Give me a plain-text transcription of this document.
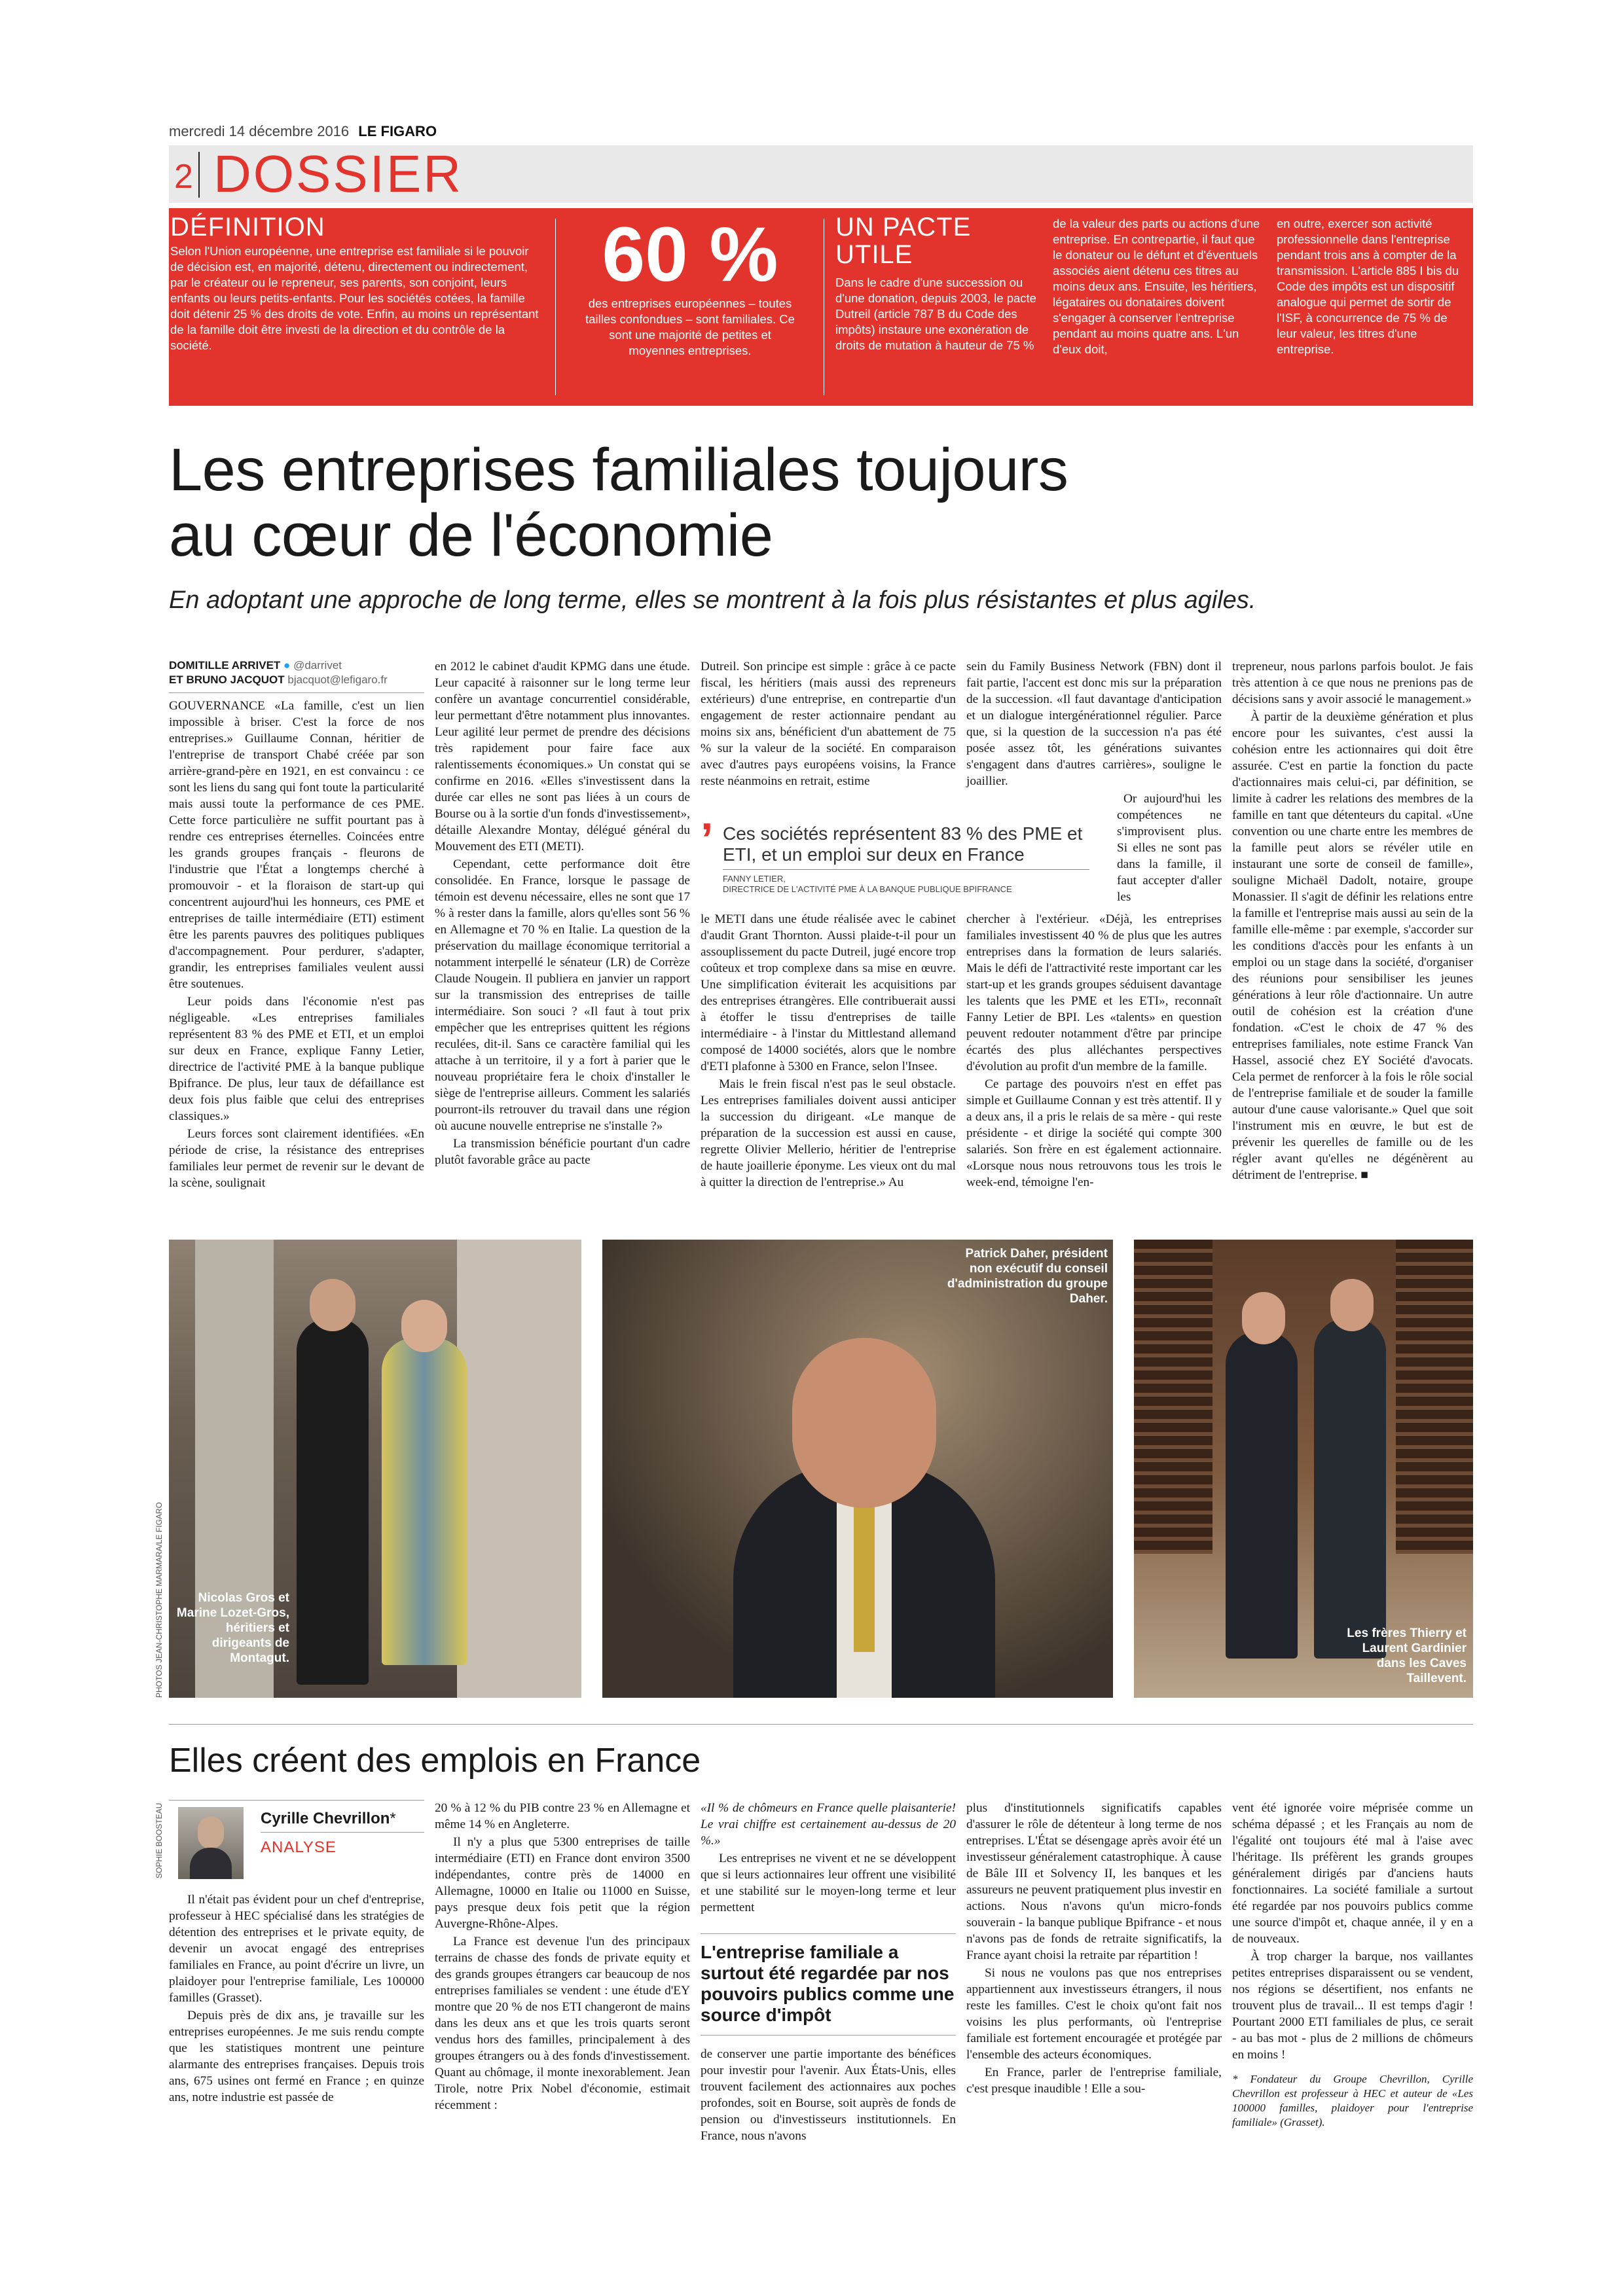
mercredi 14 décembre 2016 LE FIGARO
2 DOSSIER
DÉFINITION
Selon l'Union européenne, une entreprise est familiale si le pouvoir de décision est, en majorité, détenu, directement ou indirectement, par le créateur ou le repreneur, ses parents, son conjoint, leurs enfants ou leurs petits-enfants. Pour les sociétés cotées, la famille doit détenir 25 % des droits de vote. Enfin, au moins un représentant de la famille doit être investi de la direction et du contrôle de la société.
60 %
des entreprises européennes – toutes tailles confondues – sont familiales. Ce sont une majorité de petites et moyennes entreprises.
UN PACTE UTILE
Dans le cadre d'une succession ou d'une donation, depuis 2003, le pacte Dutreil (article 787 B du Code des impôts) instaure une exonération de droits de mutation à hauteur de 75 %
de la valeur des parts ou actions d'une entreprise. En contrepartie, il faut que le donateur ou le défunt et d'éventuels associés aient détenu ces titres au moins deux ans. Ensuite, les héritiers, légataires ou donataires doivent s'engager à conserver l'entreprise pendant au moins quatre ans. L'un d'eux doit,
en outre, exercer son activité professionnelle dans l'entreprise pendant trois ans à compter de la transmission. L'article 885 I bis du Code des impôts est un dispositif analogue qui permet de sortir de l'ISF, à concurrence de 75 % de leur valeur, les titres d'une entreprise.
Les entreprises familiales toujours
au cœur de l'économie
En adoptant une approche de long terme, elles se montrent à la fois plus résistantes et plus agiles.
DOMITILLE ARRIVET ● @darrivet
ET BRUNO JACQUOT bjacquot@lefigaro.fr

GOUVERNANCE «La famille, c'est un lien impossible à briser. C'est la force de nos entreprises.» Guillaume Connan, héritier de l'entreprise de transport Chabé créée par son arrière-grand-père en 1921, en est convaincu : ce sont les liens du sang qui font toute la particularité mais aussi toute la performance de ces PME. Cette force particulière ne suffit pourtant pas à rendre ces entreprises éternelles. Coincées entre les grands groupes français - fleurons de l'industrie que l'État a longtemps cherché à promouvoir - et la floraison de start-up qui concentrent aujourd'hui les honneurs, ces PME et entreprises de taille intermédiaire (ETI) estiment être les parents pauvres des politiques publiques d'accompagnement. Pour perdurer, s'adapter, grandir, les entreprises familiales veulent aussi être soutenues.

Leur poids dans l'économie n'est pas négligeable. «Les entreprises familiales représentent 83 % des PME et ETI, et un emploi sur deux en France, explique Fanny Letier, directrice de l'activité PME à la banque publique Bpifrance. De plus, leur taux de défaillance est deux fois plus faible que celui des entreprises classiques.»

Leurs forces sont clairement identifiées. «En période de crise, la résistance des entreprises familiales leur permet de revenir sur le devant de la scène, soulignait

en 2012 le cabinet d'audit KPMG dans une étude. Leur capacité à raisonner sur le long terme leur confère un avantage concurrentiel considérable, leur permettant d'être notamment plus innovantes. Leur agilité leur permet de prendre des décisions très rapidement pour faire face aux ralentissements économiques.» Un constat qui se confirme en 2016. «Elles s'investissent dans la durée car elles ne sont pas liées à un cours de Bourse ou à la sortie d'un fonds d'investissement», détaille Alexandre Montay, délégué général du Mouvement des ETI (METI).

Cependant, cette performance doit être consolidée. En France, lorsque le passage de témoin est devenu nécessaire, elles ne sont que 17 % à rester dans la famille, alors qu'elles sont 56 % en Allemagne et 70 % en Italie. La question de la préservation du maillage économique territorial a notamment interpellé le sénateur (LR) de Corrèze Claude Nougein. Il publiera en janvier un rapport sur la transmission des entreprises de taille intermédiaire. Son souci ? «Il faut à tout prix empêcher que les entreprises quittent les régions reculées, dit-il. Sans ce caractère familial qui les attache à un territoire, il y a fort à parier que le nouveau propriétaire fera le choix d'installer le siège de l'entreprise ailleurs. Comment les salariés pourront-ils retrouver du travail dans une région où aucune nouvelle entreprise ne s'installe ?»

La transmission bénéficie pourtant d'un cadre plutôt favorable grâce au pacte

Dutreil. Son principe est simple : grâce à ce pacte fiscal, les héritiers (mais aussi des repreneurs extérieurs) d'une entreprise, en contrepartie d'un engagement de rester actionnaire pendant au moins six ans, bénéficient d'un abattement de 75 % sur la valeur de la société. En comparaison avec d'autres pays européens voisins, la France reste néanmoins en retrait, estime

sein du Family Business Network (FBN) dont il fait partie, l'accent est donc mis sur la préparation de la succession. «Il faut davantage d'anticipation et un dialogue intergénérationnel régulier. Parce que, si la question de la succession n'a pas été posée assez tôt, les générations suivantes s'engagent dans d'autres carrières», souligne le joaillier.

Or aujourd'hui les compétences ne s'improvisent plus. Si elles ne sont pas dans la famille, il faut accepter d'aller les

’ Ces sociétés représentent 83 % des PME et ETI, et un emploi sur deux en France
FANNY LETIER,
DIRECTRICE DE L'ACTIVITÉ PME À LA BANQUE PUBLIQUE BPIFRANCE

le METI dans une étude réalisée avec le cabinet d'audit Grant Thornton. Aussi plaide-t-il pour un assouplissement du pacte Dutreil, jugé encore trop coûteux et trop complexe dans sa mise en œuvre. Une simplification éviterait les acquisitions par des entreprises étrangères. Elle contribuerait aussi à étoffer le tissu d'entreprises de taille intermédiaire - à l'instar du Mittlestand allemand composé de 14000 sociétés, alors que le nombre d'ETI plafonne à 5300 en France, selon l'Insee.

Mais le frein fiscal n'est pas le seul obstacle. Les entreprises familiales doivent aussi anticiper la succession du dirigeant. «Le manque de préparation de la succession est aussi en cause, regrette Olivier Mellerio, héritier de l'entreprise de haute joaillerie éponyme. Les vieux ont du mal à quitter la direction de l'entreprise.» Au

chercher à l'extérieur. «Déjà, les entreprises familiales investissent 40 % de plus que les autres entreprises dans la formation de leurs salariés. Mais le défi de l'attractivité reste important car les start-up et les grands groupes séduisent davantage les talents que les PME et les ETI», reconnaît Fanny Letier de BPI. Les «talents» en question peuvent redouter notamment d'être par principe écartés des plus alléchantes perspectives d'évolution au profit d'un membre de la famille.

Ce partage des pouvoirs n'est en effet pas simple et Guillaume Connan y est très attentif. Il y a deux ans, il a pris le relais de sa mère - qui reste présidente - et dirige la société qui compte 300 salariés. Son frère en est également actionnaire. «Lorsque nous nous retrouvons tous les trois le week-end, témoigne l'en-

trepreneur, nous parlons parfois boulot. Je fais très attention à ce que nous ne prenions pas de décisions sans y avoir associé le management.»

À partir de la deuxième génération et plus encore pour les suivantes, c'est aussi la cohésion entre les actionnaires qui doit être assurée. C'est en partie la fonction du pacte d'actionnaires mais celui-ci, par définition, se limite à cadrer les relations des membres de la famille en tant que détenteurs du capital. «Une convention ou une charte entre les membres de la famille peut alors se révéler utile en instaurant une sorte de conseil de famille», souligne Michaël Dadolt, notaire, groupe Monassier. Il s'agit de définir les relations entre la famille et l'entreprise mais aussi au sein de la famille elle-même : par exemple, s'accorder sur les conditions d'accès pour les enfants à un emploi ou un stage dans la société, d'organiser des réunions pour sensibiliser les jeunes générations à leur rôle d'actionnaire. Un autre outil de cohésion est la création d'une fondation. «C'est le choix de 47 % des entreprises familiales, note estime Franck Van Hassel, associé chez EY Société d'avocats. Cela permet de renforcer à la fois le rôle social de l'entreprise familiale et de souder la famille autour d'une cause valorisante.» Quel que soit l'instrument mis en œuvre, le but est de prévenir les querelles de famille ou de les régler avant qu'elles ne dégénèrent au détriment de l'entreprise. ■

Nicolas Gros et Marine Lozet-Gros, héritiers et dirigeants de Montagut.
PHOTOS JEAN-CHRISTOPHE MARMARA/LE FIGARO
Patrick Daher, président non exécutif du conseil d'administration du groupe Daher.
Les frères Thierry et Laurent Gardinier dans les Caves Taillevent.
Elles créent des emplois en France
Cyrille Chevrillon*
ANALYSE
SOPHIE BOOSTEAU

Il n'était pas évident pour un chef d'entreprise, professeur à HEC spécialisé dans les stratégies de détention des entreprises et le private equity, de devenir un avocat engagé des entreprises familiales en France, au point d'écrire un livre, un plaidoyer pour l'entreprise familiale, Les 100000 familles (Grasset).

Depuis près de dix ans, je travaille sur les entreprises européennes. Je me suis rendu compte que les statistiques montrent une peinture alarmante des entreprises françaises. Depuis trois ans, 675 usines ont fermé en France ; en quinze ans, notre industrie est passée de

20 % à 12 % du PIB contre 23 % en Allemagne et même 14 % en Angleterre.

Il n'y a plus que 5300 entreprises de taille intermédiaire (ETI) en France dont environ 3500 indépendantes, contre près de 14000 en Allemagne, 10000 en Italie ou 11000 en Suisse, pays presque deux fois petit que la région Auvergne-Rhône-Alpes.

La France est devenue l'un des principaux terrains de chasse des fonds de private equity et des grands groupes étrangers car beaucoup de nos entreprises familiales se vendent : une étude d'EY montre que 20 % de nos ETI changeront de mains dans les deux ans et que les trois quarts seront vendus hors des familles, principalement à des groupes étrangers ou à des fonds d'investissement. Quant au chômage, il monte inexorablement. Jean Tirole, notre Prix Nobel d'économie, estimait récemment :

«Il % de chômeurs en France quelle plaisanterie! Le vrai chiffre est certainement au-dessus de 20 %.»

Les entreprises ne vivent et ne se développent que si leurs actionnaires leur offrent une visibilité et une stabilité sur le moyen-long terme et leur permettent

L'entreprise familiale a surtout été regardée par nos pouvoirs publics comme une source d'impôt

de conserver une partie importante des bénéfices pour investir pour l'avenir. Aux États-Unis, elles trouvent facilement des actionnaires aux poches profondes, soit en Bourse, soit auprès de fonds de pension ou d'investisseurs institutionnels. En France, nous n'avons

plus d'institutionnels significatifs capables d'assurer le rôle de détenteur à long terme de nos entreprises. L'État se désengage après avoir été un investisseur généralement catastrophique. À cause de Bâle III et Solvency II, les banques et les assureurs ne peuvent pratiquement plus investir en actions. Nous n'avons qu'un micro-fonds souverain - la banque publique Bpifrance - et nous n'avons pas de fonds de retraite significatifs, la France ayant choisi la retraite par répartition !

Si nous ne voulons pas que nos entreprises appartiennent aux investisseurs étrangers, il nous reste les familles. C'est le choix qu'ont fait nos voisins les plus performants, où l'entreprise familiale est fortement encouragée et protégée par l'ensemble des acteurs économiques.

En France, parler de l'entreprise familiale, c'est presque inaudible ! Elle a sou-

vent été ignorée voire méprisée comme un schéma dépassé ; et les Français au nom de l'égalité ont toujours été mal à l'aise avec l'héritage. Ils préfèrent les grands groupes généralement dirigés par d'anciens hauts fonctionnaires. La société familiale a surtout été regardée par nos pouvoirs publics comme une source d'impôt et, chaque année, il y en a de nouveaux.

À trop charger la barque, nos vaillantes petites entreprises disparaissent ou se vendent, nos régions se désertifient, nos enfants ne trouvent plus de travail... Il est temps d'agir ! Pourtant 2000 ETI familiales de plus, ce serait - au bas mot - plus de 2 millions de chômeurs en moins !

* Fondateur du Groupe Chevrillon, Cyrille Chevrillon est professeur à HEC et auteur de «Les 100000 familles, plaidoyer pour l'entreprise familiale» (Grasset).
